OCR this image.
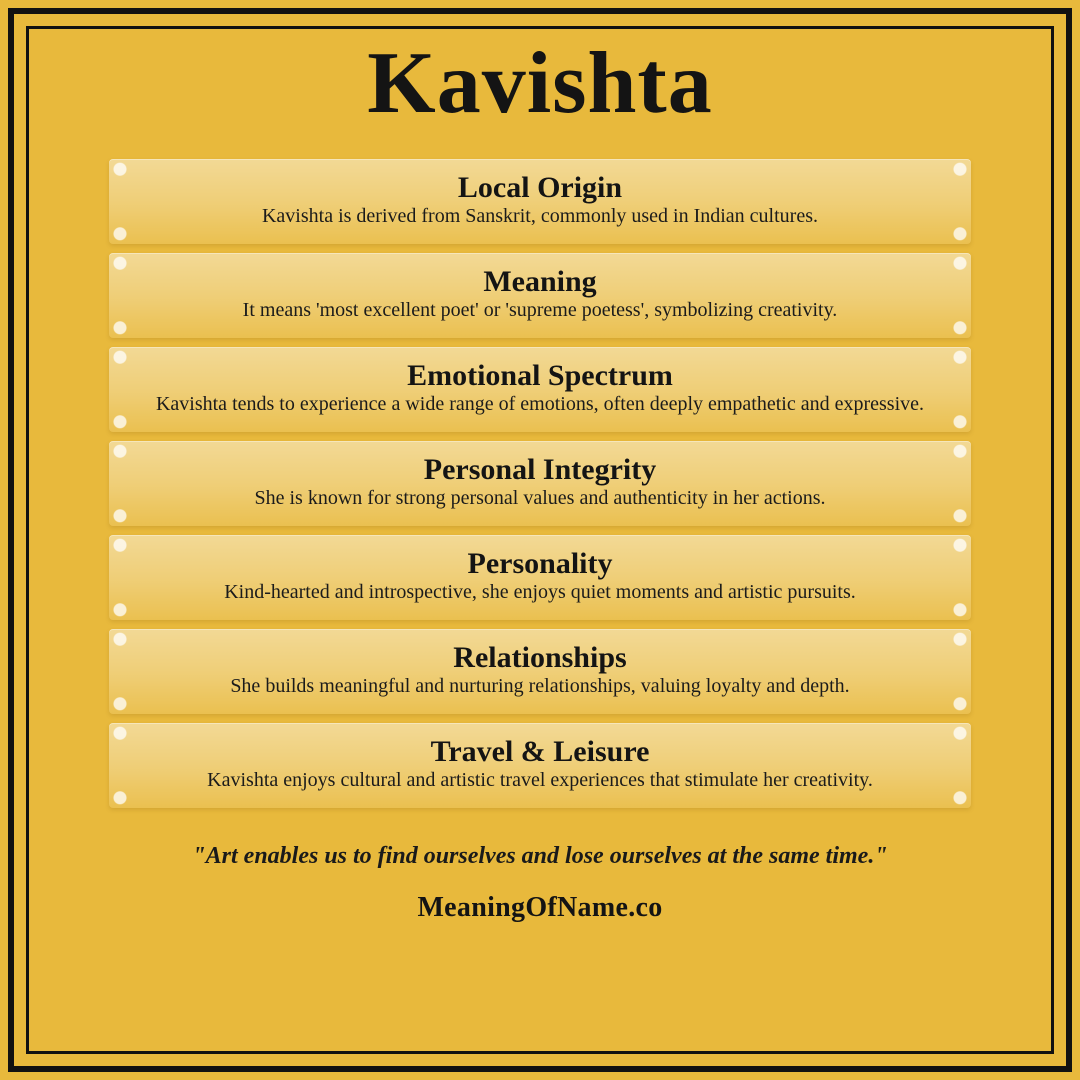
Kavishta
Local Origin
Kavishta is derived from Sanskrit, commonly used in Indian cultures.
Meaning
It means 'most excellent poet' or 'supreme poetess', symbolizing creativity.
Emotional Spectrum
Kavishta tends to experience a wide range of emotions, often deeply empathetic and expressive.
Personal Integrity
She is known for strong personal values and authenticity in her actions.
Personality
Kind-hearted and introspective, she enjoys quiet moments and artistic pursuits.
Relationships
She builds meaningful and nurturing relationships, valuing loyalty and depth.
Travel & Leisure
Kavishta enjoys cultural and artistic travel experiences that stimulate her creativity.
"Art enables us to find ourselves and lose ourselves at the same time."
MeaningOfName.co
